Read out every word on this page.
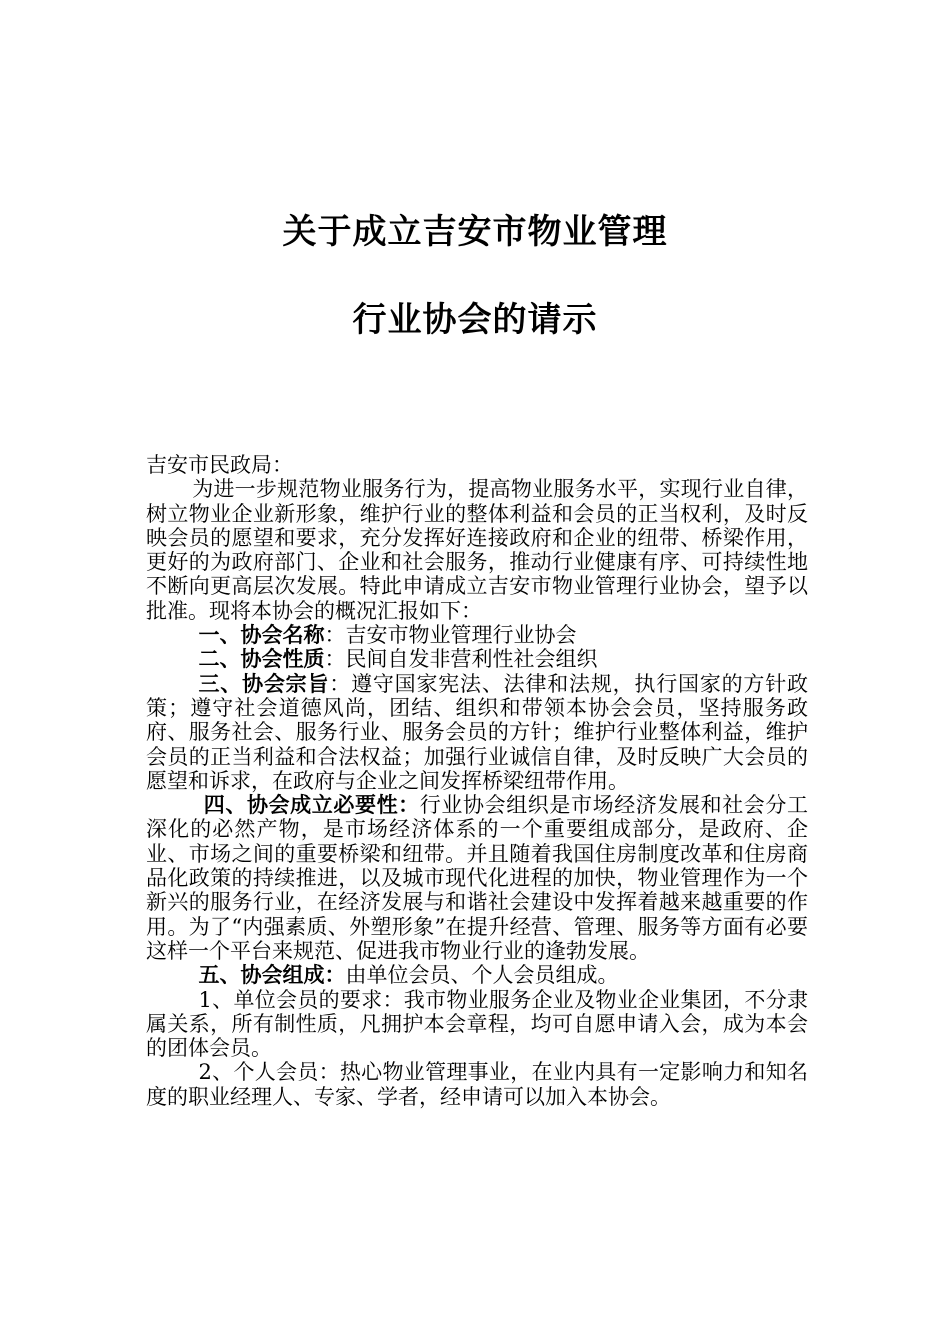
关于成立吉安市物业管理
行业协会的请示

吉安市民政局：

为进一步规范物业服务行为，提高物业服务水平，实现行业自律，树立物业企业新形象，维护行业的整体利益和会员的正当权利，及时反映会员的愿望和要求，充分发挥好连接政府和企业的纽带、桥梁作用，更好的为政府部门、企业和社会服务，推动行业健康有序、可持续性地不断向更高层次发展。特此申请成立吉安市物业管理行业协会，望予以批准。现将本协会的概况汇报如下：

一、协会名称：吉安市物业管理行业协会

二、协会性质：民间自发非营利性社会组织

三、协会宗旨：遵守国家宪法、法律和法规，执行国家的方针政策；遵守社会道德风尚，团结、组织和带领本协会会员，坚持服务政府、服务社会、服务行业、服务会员的方针；维护行业整体利益，维护会员的正当利益和合法权益；加强行业诚信自律，及时反映广大会员的愿望和诉求，在政府与企业之间发挥桥梁纽带作用。

四、协会成立必要性：行业协会组织是市场经济发展和社会分工深化的必然产物，是市场经济体系的一个重要组成部分，是政府、企业、市场之间的重要桥梁和纽带。并且随着我国住房制度改革和住房商品化政策的持续推进，以及城市现代化进程的加快，物业管理作为一个新兴的服务行业，在经济发展与和谐社会建设中发挥着越来越重要的作用。为了“内强素质、外塑形象”在提升经营、管理、服务等方面有必要这样一个平台来规范、促进我市物业行业的逢勃发展。

五、协会组成：由单位会员、个人会员组成。

1、单位会员的要求：我市物业服务企业及物业企业集团，不分隶属关系，所有制性质，凡拥护本会章程，均可自愿申请入会，成为本会的团体会员。

2、个人会员：热心物业管理事业，在业内具有一定影响力和知名度的职业经理人、专家、学者，经申请可以加入本协会。
